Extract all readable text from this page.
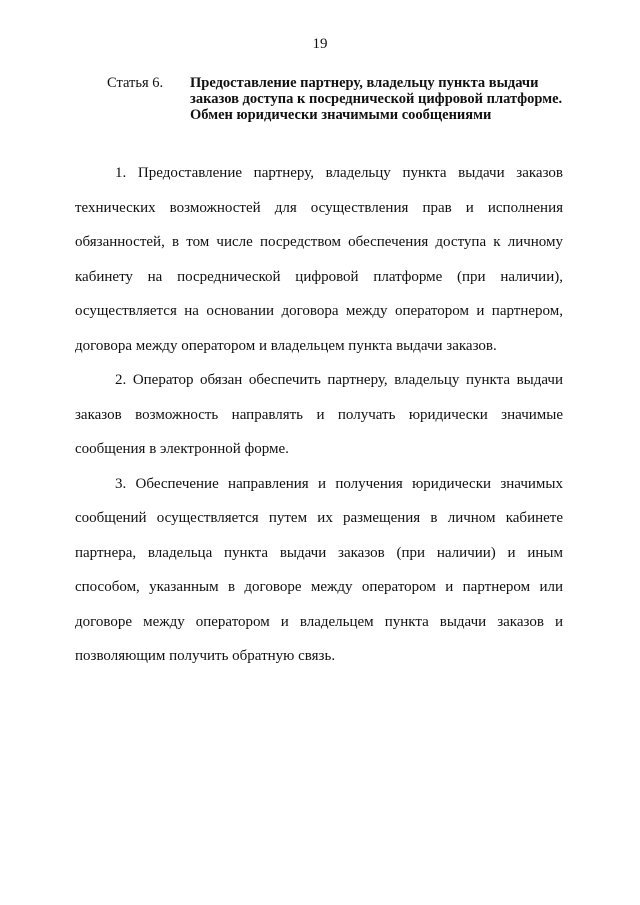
19
Статья 6.	Предоставление партнеру, владельцу пункта выдачи заказов доступа к посреднической цифровой платформе. Обмен юридически значимыми сообщениями

1. Предоставление партнеру, владельцу пункта выдачи заказов технических возможностей для осуществления прав и исполнения обязанностей, в том числе посредством обеспечения доступа к личному кабинету на посреднической цифровой платформе (при наличии), осуществляется на основании договора между оператором и партнером, договора между оператором и владельцем пункта выдачи заказов.

2. Оператор обязан обеспечить партнеру, владельцу пункта выдачи заказов возможность направлять и получать юридически значимые сообщения в электронной форме.

3. Обеспечение направления и получения юридически значимых сообщений осуществляется путем их размещения в личном кабинете партнера, владельца пункта выдачи заказов (при наличии) и иным способом, указанным в договоре между оператором и партнером или договоре между оператором и владельцем пункта выдачи заказов и позволяющим получить обратную связь.
